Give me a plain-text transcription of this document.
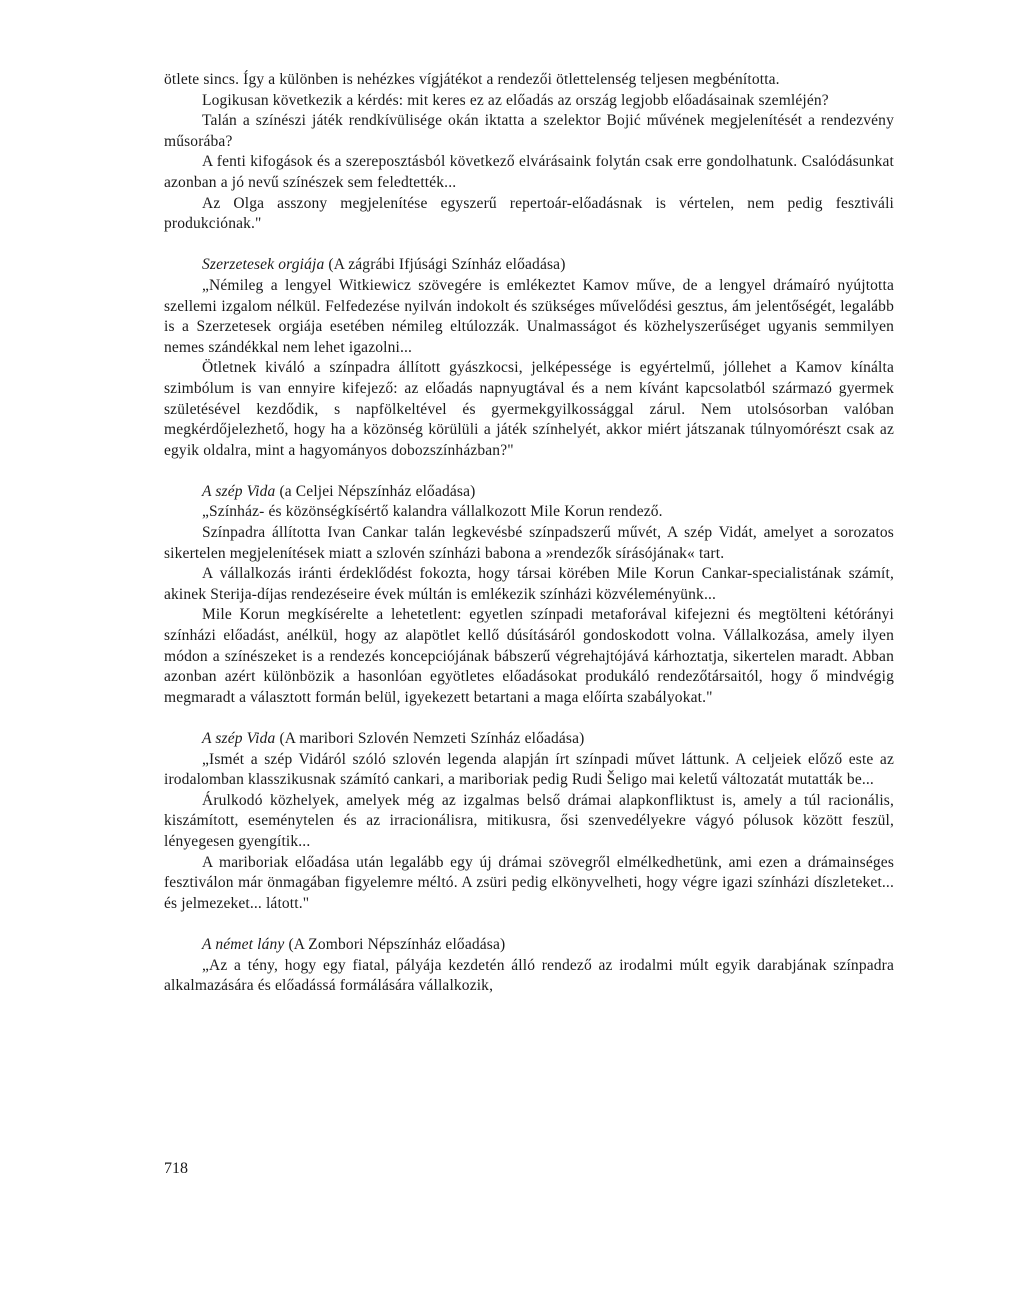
ötlete sincs. Így a különben is nehézkes vígjátékot a rendezői ötlettelenség teljesen megbénította.

Logikusan következik a kérdés: mit keres ez az előadás az ország legjobb előadásainak szemléjén?

Talán a színészi játék rendkívülisége okán iktatta a szelektor Bojić művének megjelenítését a rendezvény műsorába?

A fenti kifogások és a szereposztásból következő elvárásaink folytán csak erre gondolhatunk. Csalódásunkat azonban a jó nevű színészek sem feledtették...

Az Olga asszony megjelenítése egyszerű repertoár-előadásnak is vértelen, nem pedig fesztiváli produkciónak."

Szerzetesek orgiája (A zágrábi Ifjúsági Színház előadása)

„Némileg a lengyel Witkiewicz szövegére is emlékeztet Kamov műve, de a lengyel drámaíró nyújtotta szellemi izgalom nélkül. Felfedezése nyilván indokolt és szükséges művelődési gesztus, ám jelentőségét, legalább is a Szerzetesek orgiája esetében némileg eltúlozzák. Unalmasságot és közhelyszerűséget ugyanis semmilyen nemes szándékkal nem lehet igazolni...

Ötletnek kiváló a színpadra állított gyászkocsi, jelképessége is egyértelmű, jóllehet a Kamov kínálta szimbólum is van ennyire kifejező: az előadás napnyugtával és a nem kívánt kapcsolatból származó gyermek születésével kezdődik, s napfölkeltével és gyermekgyilkossággal zárul. Nem utolsósorban valóban megkérdőjelezhető, hogy ha a közönség körülüli a játék színhelyét, akkor miért játszanak túlnyomórészt csak az egyik oldalra, mint a hagyományos dobozszínházban?"

A szép Vida (a Celjei Népszínház előadása)

„Színház- és közönségkísértő kalandra vállalkozott Mile Korun rendező.

Színpadra állította Ivan Cankar talán legkevésbé színpadszerű művét, A szép Vidát, amelyet a sorozatos sikertelen megjelenítések miatt a szlovén színházi babona a »rendezők sírásójának« tart.

A vállalkozás iránti érdeklődést fokozta, hogy társai körében Mile Korun Cankar-specialistának számít, akinek Sterija-díjas rendezéseire évek múltán is emlékezik színházi közvéleményünk...

Mile Korun megkísérelte a lehetetlent: egyetlen színpadi metaforával kifejezni és megtölteni kétórányi színházi előadást, anélkül, hogy az alapötlet kellő dúsításáról gondoskodott volna. Vállalkozása, amely ilyen módon a színészeket is a rendezés koncepciójának bábszerű végrehajtójává kárhoztatja, sikertelen maradt. Abban azonban azért különbözik a hasonlóan egyötletes előadásokat produkáló rendezőtársaitól, hogy ő mindvégig megmaradt a választott formán belül, igyekezett betartani a maga előírta szabályokat."

A szép Vida (A maribori Szlovén Nemzeti Színház előadása)

„Ismét a szép Vidáról szóló szlovén legenda alapján írt színpadi művet láttunk. A celjeiek előző este az irodalomban klasszikusnak számító cankari, a mariboriak pedig Rudi Šeligo mai keletű változatát mutatták be...

Árulkodó közhelyek, amelyek még az izgalmas belső drámai alapkonfliktust is, amely a túl racionális, kiszámított, eseménytelen és az irracionálisra, mitikusra, ősi szenvedélyekre vágyó pólusok között feszül, lényegesen gyengítik...

A mariboriak előadása után legalább egy új drámai szövegről elmélkedhetünk, ami ezen a drámainséges fesztiválon már önmagában figyelemre méltó. A zsüri pedig elkönyvelheti, hogy végre igazi színházi díszleteket... és jelmezeket... látott."

A német lány (A Zombori Népszínház előadása)

„Az a tény, hogy egy fiatal, pályája kezdetén álló rendező az irodalmi múlt egyik darabjának színpadra alkalmazására és előadássá formálására vállalkozik,

718
